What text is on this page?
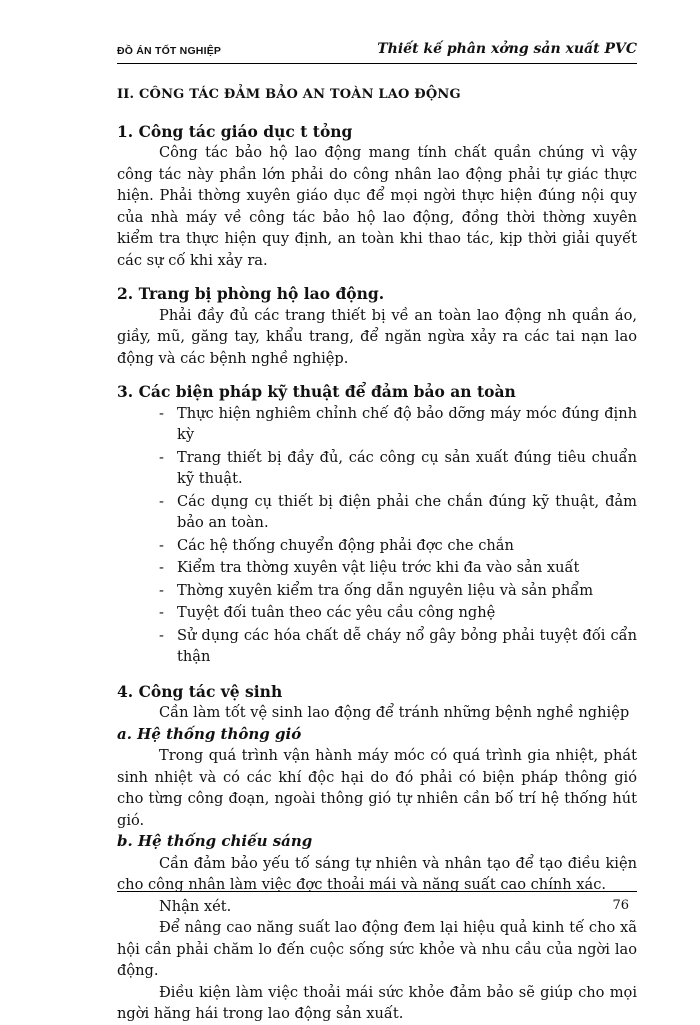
ĐỒ ÁN TỐT NGHIỆP	Thiết kế phân xởng sản xuất PVC

II. CÔNG TÁC ĐẢM BẢO AN TOÀN LAO ĐỘNG

1. Công tác giáo dục t tỏng

Công tác bảo hộ lao động mang tính chất quần chúng vì vậy công tác này phần lớn phải do công nhân lao động phải tự giác thực hiện. Phải thờng xuyên giáo dục để mọi ngời thực hiện đúng nội quy của nhà máy về công tác bảo hộ lao động, đồng thời thờng xuyên kiểm tra thực hiện quy định, an toàn khi thao tác, kịp thời giải quyết các sự cố khi xảy ra.

2. Trang bị phòng hộ lao động.

Phải đầy đủ các trang thiết bị về an toàn lao động nh quần áo, giầy, mũ, găng tay, khẩu trang, để ngăn ngừa xảy ra các tai nạn lao động và các bệnh nghề nghiệp.

3. Các biện pháp kỹ thuật để đảm bảo an toàn

- Thực hiện nghiêm chỉnh chế độ bảo dỡng máy móc đúng định kỳ
- Trang thiết bị đầy đủ, các công cụ sản xuất đúng tiêu chuẩn kỹ thuật.
- Các dụng cụ thiết bị điện phải che chắn đúng kỹ thuật, đảm bảo an toàn.
- Các hệ thống chuyển động phải đợc che chắn
- Kiểm tra thờng xuyên vật liệu trớc khi đa vào sản xuất
- Thờng xuyên kiểm tra ống dẫn nguyên liệu và sản phẩm
- Tuyệt đối tuân theo các yêu cầu công nghệ
- Sử dụng các hóa chất dễ cháy nổ gây bỏng phải tuyệt đối cẩn thận

4. Công tác vệ sinh

Cần làm tốt vệ sinh lao động để tránh những bệnh nghề nghiệp

a. Hệ thống thông gió

Trong quá trình vận hành máy móc có quá trình gia nhiệt, phát sinh nhiệt và có các khí độc hại do đó phải có biện pháp thông gió cho từng công đoạn, ngoài thông gió tự nhiên cần bố trí hệ thống hút gió.

b. Hệ thống chiếu sáng

Cần đảm bảo yếu tố sáng tự nhiên và nhân tạo để tạo điều kiện cho công nhân làm việc đợc thoải mái và năng suất cao chính xác.

Nhận xét.

Để nâng cao năng suất lao động đem lại hiệu quả kinh tế cho xã hội cần phải chăm lo đến cuộc sống sức khỏe và nhu cầu của ngời lao động.

Điều kiện làm việc thoải mái sức khỏe đảm bảo sẽ giúp cho mọi ngời hăng hái trong lao động sản xuất.

76
